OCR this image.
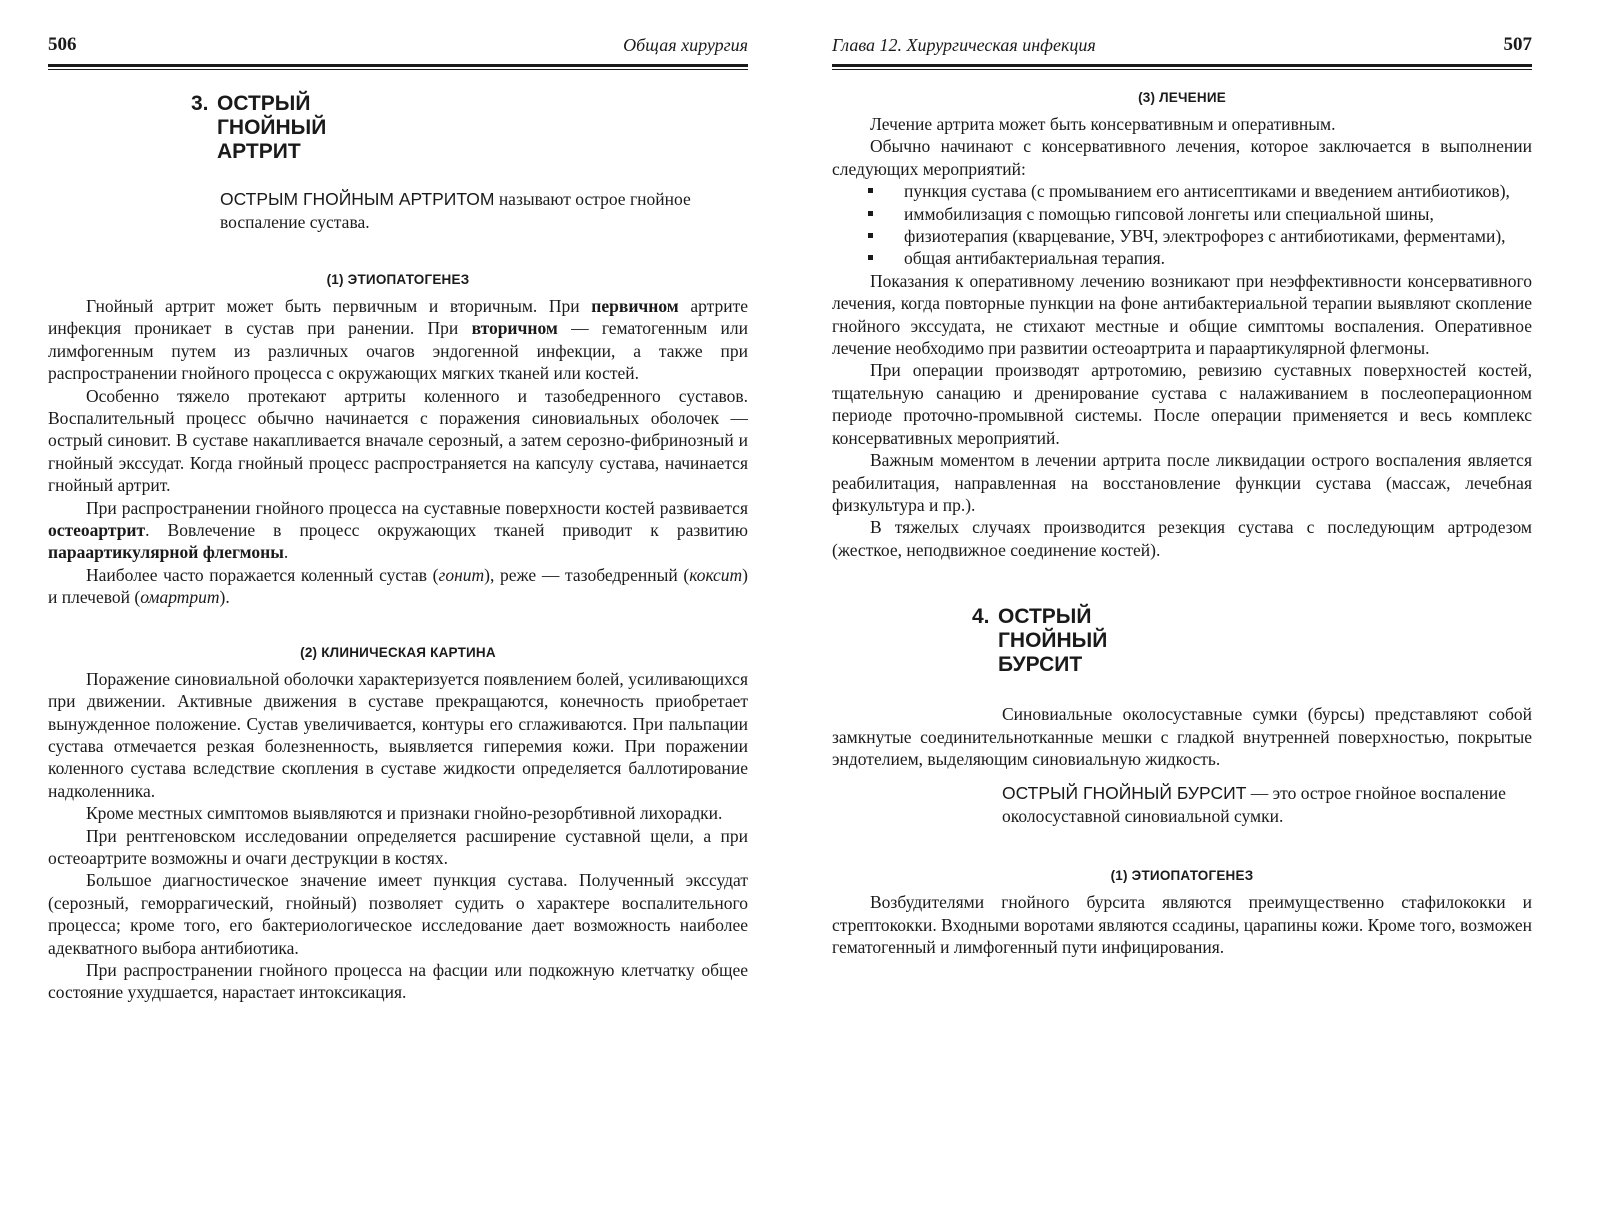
506	Общая хирургия
3. ОСТРЫЙ
ГНОЙНЫЙ
АРТРИТ
ОСТРЫМ ГНОЙНЫМ АРТРИТОМ называют острое гнойное воспаление сустава.
(1) ЭТИОПАТОГЕНЕЗ

Гнойный артрит может быть первичным и вторичным. При первичном артрите инфекция проникает в сустав при ранении. При вторичном — гематогенным или лимфогенным путем из различных очагов эндогенной инфекции, а также при распространении гнойного процесса с окружающих мягких тканей или костей.

Особенно тяжело протекают артриты коленного и тазобедренного суставов. Воспалительный процесс обычно начинается с поражения синовиальных оболочек — острый синовит. В суставе накапливается вначале серозный, а затем серозно-фибринозный и гнойный экссудат. Когда гнойный процесс распространяется на капсулу сустава, начинается гнойный артрит.

При распространении гнойного процесса на суставные поверхности костей развивается остеоартрит. Вовлечение в процесс окружающих тканей приводит к развитию параартикулярной флегмоны.

Наиболее часто поражается коленный сустав (гонит), реже — тазобедренный (коксит) и плечевой (омартрит).

(2) КЛИНИЧЕСКАЯ КАРТИНА

Поражение синовиальной оболочки характеризуется появлением болей, усиливающихся при движении. Активные движения в суставе прекращаются, конечность приобретает вынужденное положение. Сустав увеличивается, контуры его сглаживаются. При пальпации сустава отмечается резкая болезненность, выявляется гиперемия кожи. При поражении коленного сустава вследствие скопления в суставе жидкости определяется баллотирование надколенника.

Кроме местных симптомов выявляются и признаки гнойно-резорбтивной лихорадки.

При рентгеновском исследовании определяется расширение суставной щели, а при остеоартрите возможны и очаги деструкции в костях.

Большое диагностическое значение имеет пункция сустава. Полученный экссудат (серозный, геморрагический, гнойный) позволяет судить о характере воспалительного процесса; кроме того, его бактериологическое исследование дает возможность наиболее адекватного выбора антибиотика.

При распространении гнойного процесса на фасции или подкожную клетчатку общее состояние ухудшается, нарастает интоксикация.

Глава 12. Хирургическая инфекция	507
(3) ЛЕЧЕНИЕ

Лечение артрита может быть консервативным и оперативным.

Обычно начинают с консервативного лечения, которое заключается в выполнении следующих мероприятий:

пункция сустава (с промыванием его антисептиками и введением антибиотиков),
иммобилизация с помощью гипсовой лонгеты или специальной шины,
физиотерапия (кварцевание, УВЧ, электрофорез с антибиотиками, ферментами),
общая антибактериальная терапия.

Показания к оперативному лечению возникают при неэффективности консервативного лечения, когда повторные пункции на фоне антибактериальной терапии выявляют скопление гнойного экссудата, не стихают местные и общие симптомы воспаления. Оперативное лечение необходимо при развитии остеоартрита и параартикулярной флегмоны.

При операции производят артротомию, ревизию суставных поверхностей костей, тщательную санацию и дренирование сустава с налаживанием в послеоперационном периоде проточно-промывной системы. После операции применяется и весь комплекс консервативных мероприятий.

Важным моментом в лечении артрита после ликвидации острого воспаления является реабилитация, направленная на восстановление функции сустава (массаж, лечебная физкультура и пр.).

В тяжелых случаях производится резекция сустава с последующим артродезом (жесткое, неподвижное соединение костей).

4. ОСТРЫЙ
ГНОЙНЫЙ
БУРСИТ

Синовиальные околосуставные сумки (бурсы) представляют собой замкнутые соединительнотканные мешки с гладкой внутренней поверхностью, покрытые эндотелием, выделяющим синовиальную жидкость.

ОСТРЫЙ ГНОЙНЫЙ БУРСИТ — это острое гнойное воспаление околосуставной синовиальной сумки.
(1) ЭТИОПАТОГЕНЕЗ

Возбудителями гнойного бурсита являются преимущественно стафилококки и стрептококки. Входными воротами являются ссадины, царапины кожи. Кроме того, возможен гематогенный и лимфогенный пути инфицирования.
